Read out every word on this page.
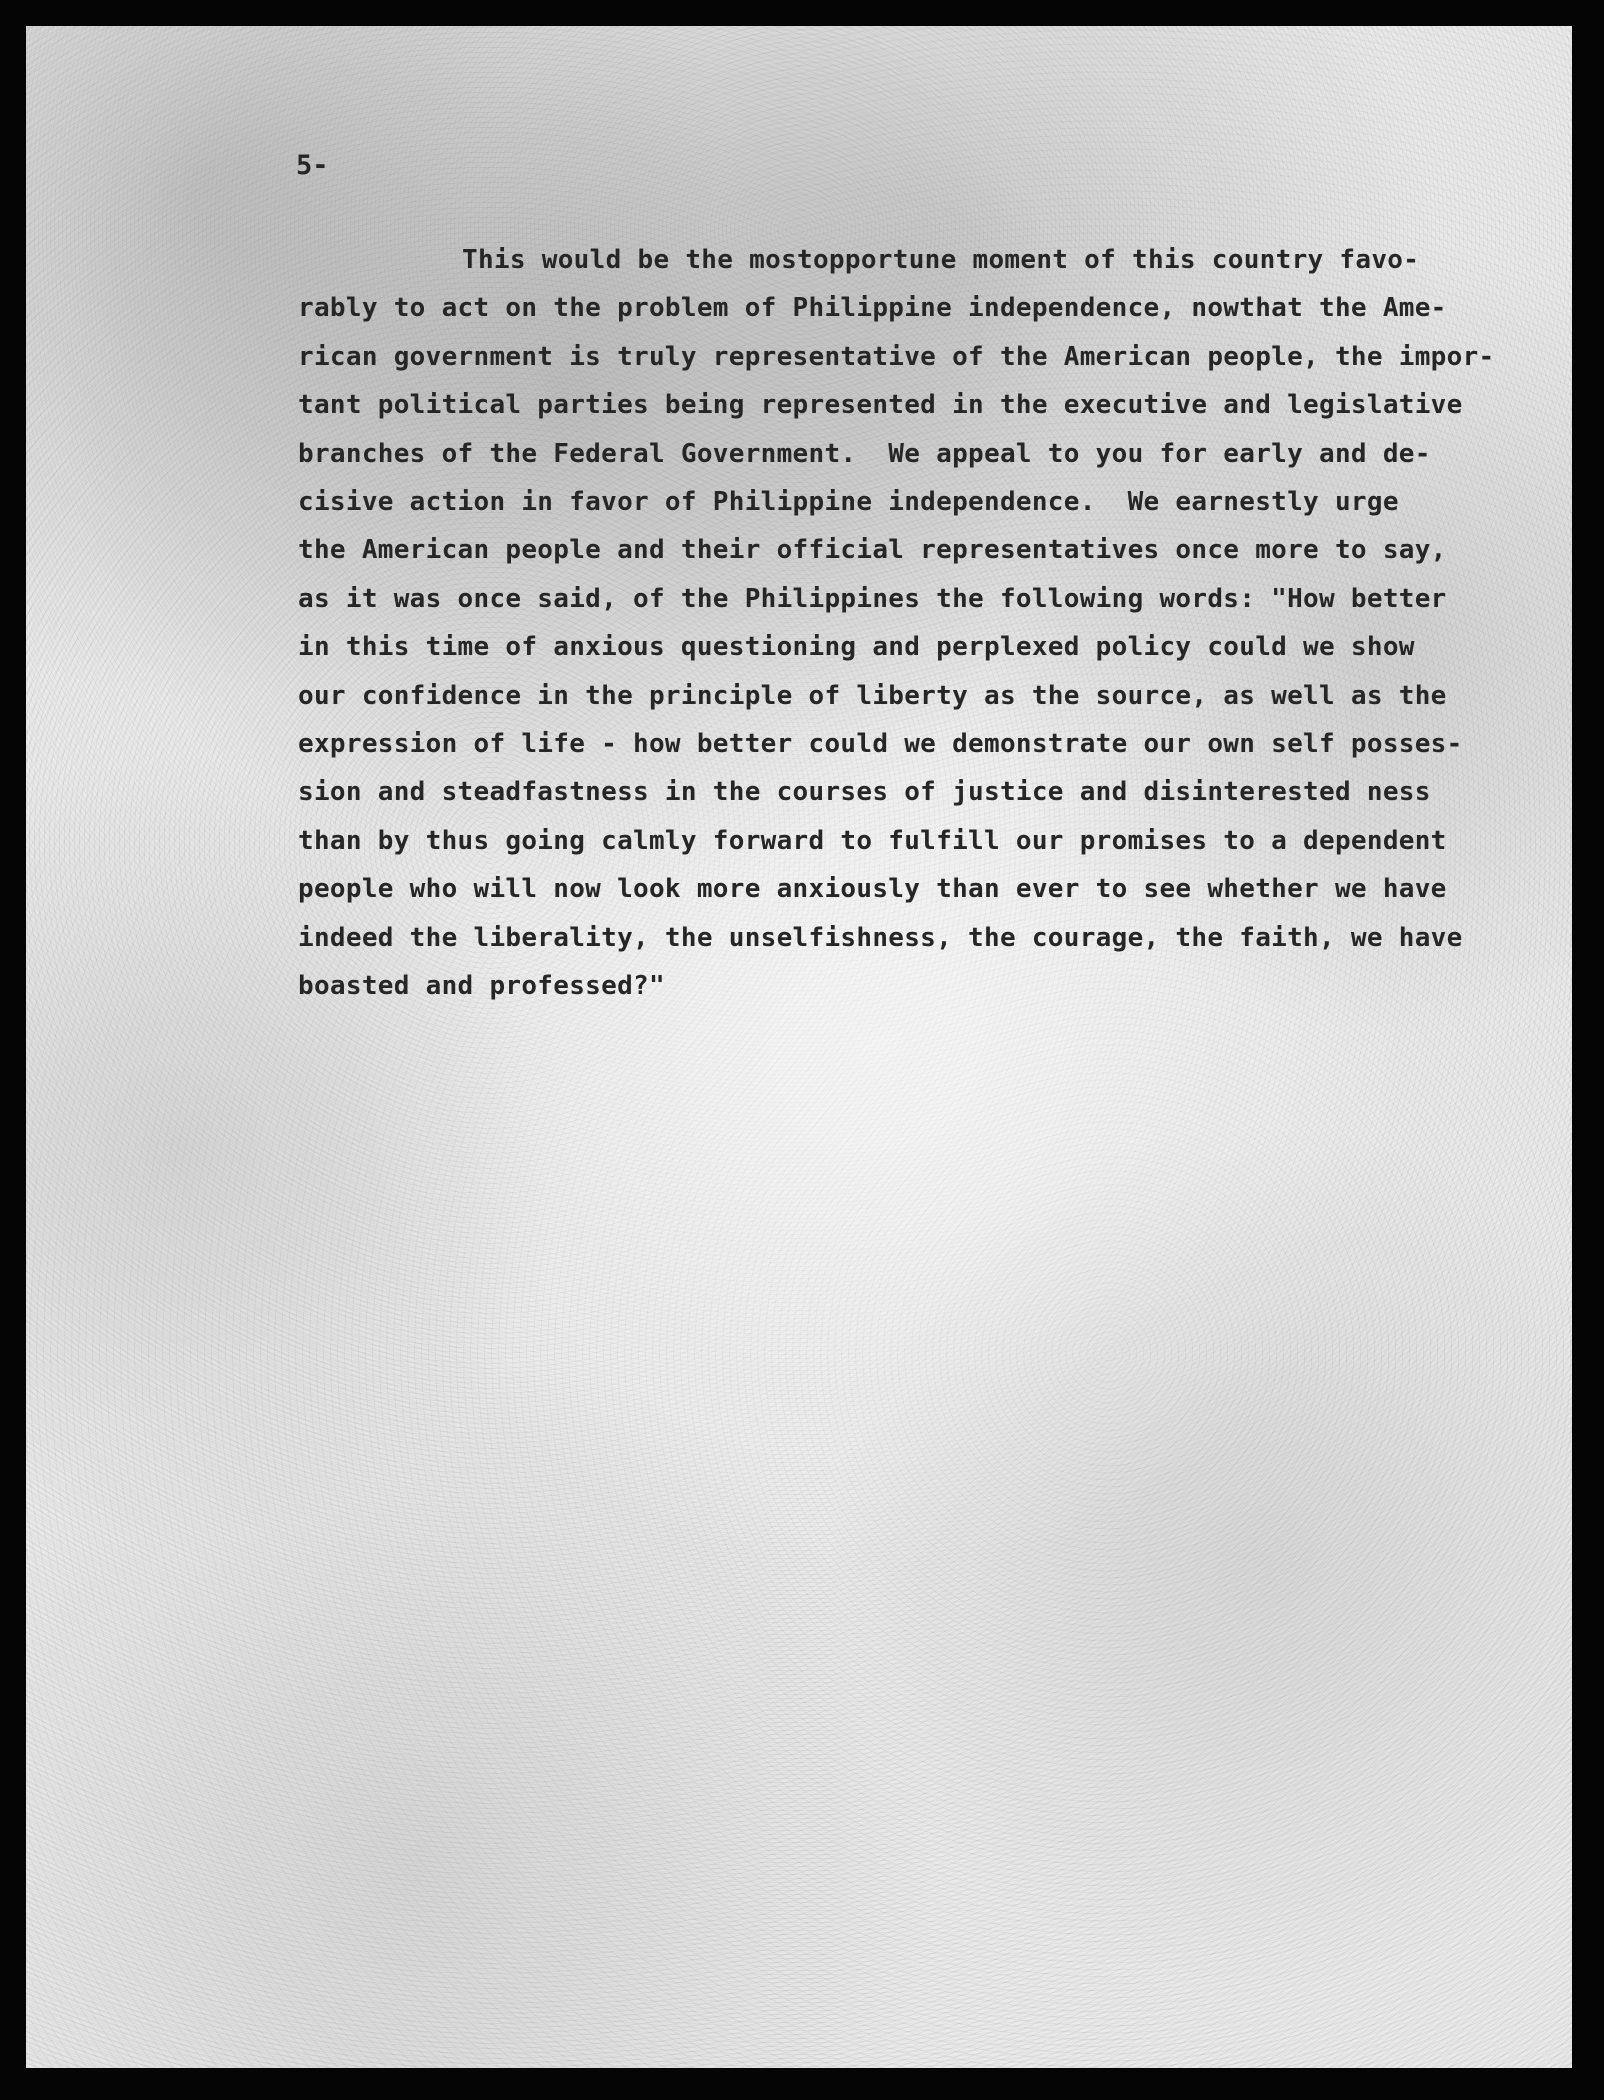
5-

This would be the mostopportune moment of this country favo-
rably to act on the problem of Philippine independence, nowthat the Ame-
rican government is truly representative of the American people, the impor-
tant political parties being represented in the executive and legislative
branches of the Federal Government.  We appeal to you for early and de-
cisive action in favor of Philippine independence.  We earnestly urge
the American people and their official representatives once more to say,
as it was once said, of the Philippines the following words: "How better
in this time of anxious questioning and perplexed policy could we show
our confidence in the principle of liberty as the source, as well as the
expression of life - how better could we demonstrate our own self posses-
sion and steadfastness in the courses of justice and disinterested ness
than by thus going calmly forward to fulfill our promises to a dependent
people who will now look more anxiously than ever to see whether we have
indeed the liberality, the unselfishness, the courage, the faith, we have
boasted and professed?"
